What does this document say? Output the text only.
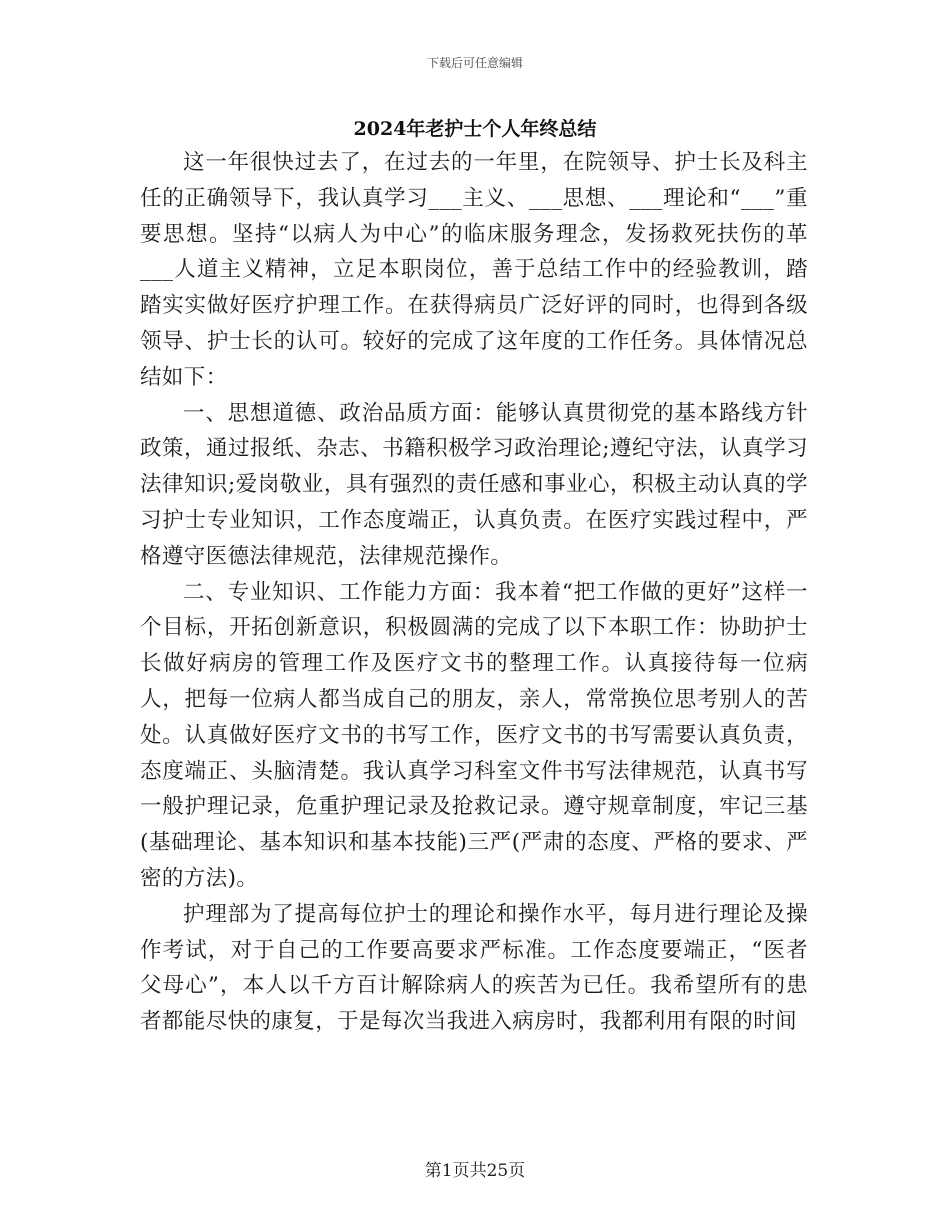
下载后可任意编辑
2024年老护士个人年终总结

这一年很快过去了，在过去的一年里，在院领导、护士长及科主任的正确领导下，我认真学习___主义、___思想、___理论和“___”重要思想。坚持“以病人为中心”的临床服务理念，发扬救死扶伤的革___人道主义精神，立足本职岗位，善于总结工作中的经验教训，踏踏实实做好医疗护理工作。在获得病员广泛好评的同时，也得到各级领导、护士长的认可。较好的完成了这年度的工作任务。具体情况总结如下：

一、思想道德、政治品质方面：能够认真贯彻党的基本路线方针政策，通过报纸、杂志、书籍积极学习政治理论;遵纪守法，认真学习法律知识;爱岗敬业，具有强烈的责任感和事业心，积极主动认真的学习护士专业知识，工作态度端正，认真负责。在医疗实践过程中，严格遵守医德法律规范，法律规范操作。

二、专业知识、工作能力方面：我本着“把工作做的更好”这样一个目标，开拓创新意识，积极圆满的完成了以下本职工作：协助护士长做好病房的管理工作及医疗文书的整理工作。认真接待每一位病人，把每一位病人都当成自己的朋友，亲人，常常换位思考别人的苦处。认真做好医疗文书的书写工作，医疗文书的书写需要认真负责，态度端正、头脑清楚。我认真学习科室文件书写法律规范，认真书写一般护理记录，危重护理记录及抢救记录。遵守规章制度，牢记三基(基础理论、基本知识和基本技能)三严(严肃的态度、严格的要求、严密的方法)。

护理部为了提高每位护士的理论和操作水平，每月进行理论及操作考试，对于自己的工作要高要求严标准。工作态度要端正，“医者父母心”，本人以千方百计解除病人的疾苦为已任。我希望所有的患者都能尽快的康复，于是每次当我进入病房时，我都利用有限的时间

第1页共25页
